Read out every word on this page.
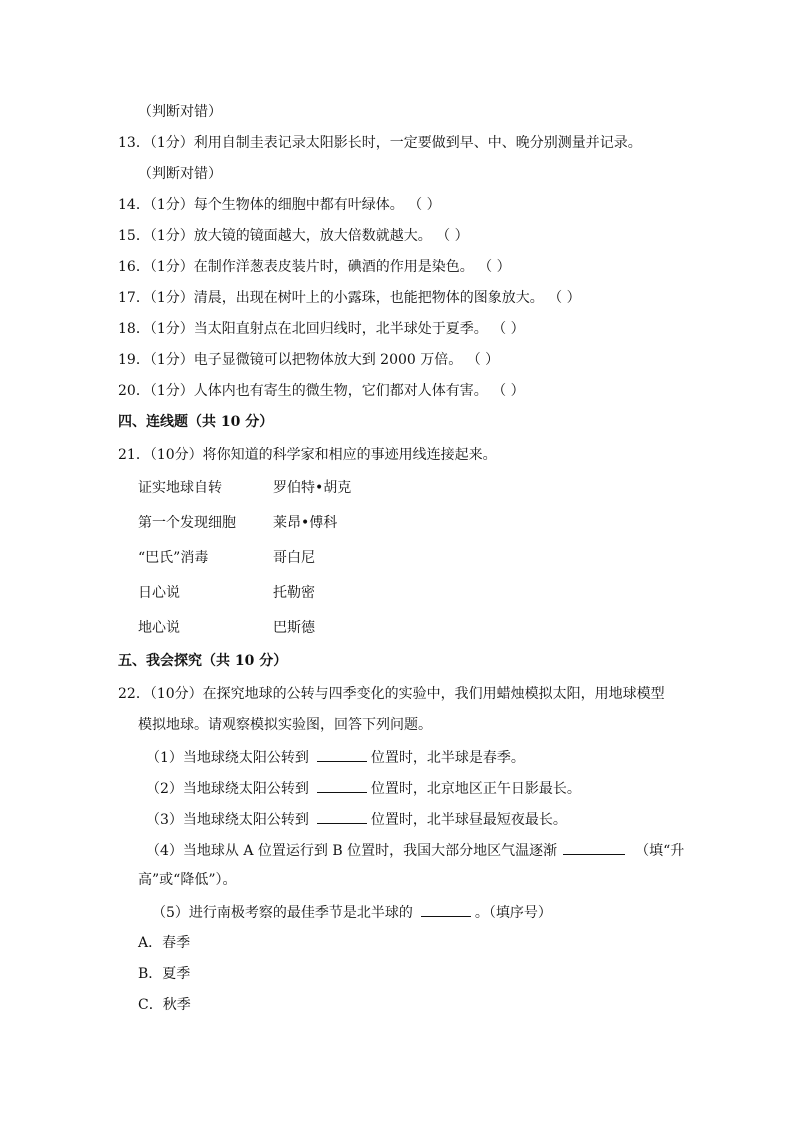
（判断对错）
13．（1分）利用自制圭表记录太阳影长时，一定要做到早、中、晚分别测量并记录。
（判断对错）
14．（1分）每个生物体的细胞中都有叶绿体。 （ ）
15．（1分）放大镜的镜面越大，放大倍数就越大。 （ ）
16．（1分）在制作洋葱表皮装片时，碘酒的作用是染色。 （ ）
17．（1分）清晨，出现在树叶上的小露珠，也能把物体的图象放大。 （ ）
18．（1分）当太阳直射点在北回归线时，北半球处于夏季。 （ ）
19．（1分）电子显微镜可以把物体放大到 2000 万倍。 （ ）
20．（1分）人体内也有寄生的微生物，它们都对人体有害。 （ ）
四、连线题（共 10 分）
21．（10分）将你知道的科学家和相应的事迹用线连接起来。
证实地球自转	罗伯特•胡克
第一个发现细胞	莱昂•傅科
“巴氏”消毒	哥白尼
日心说	托勒密
地心说	巴斯德
五、我会探究（共 10 分）
22．（10分）在探究地球的公转与四季变化的实验中，我们用蜡烛模拟太阳，用地球模型
模拟地球。请观察模拟实验图，回答下列问题。
（1）当地球绕太阳公转到	位置时，北半球是春季。
（2）当地球绕太阳公转到	位置时，北京地区正午日影最长。
（3）当地球绕太阳公转到	位置时，北半球昼最短夜最长。
（4）当地球从 A 位置运行到 B 位置时，我国大部分地区气温逐渐	（填“升
高”或“降低”）。
（5）进行南极考察的最佳季节是北半球的	。（填序号）
A．春季
B．夏季
C．秋季
